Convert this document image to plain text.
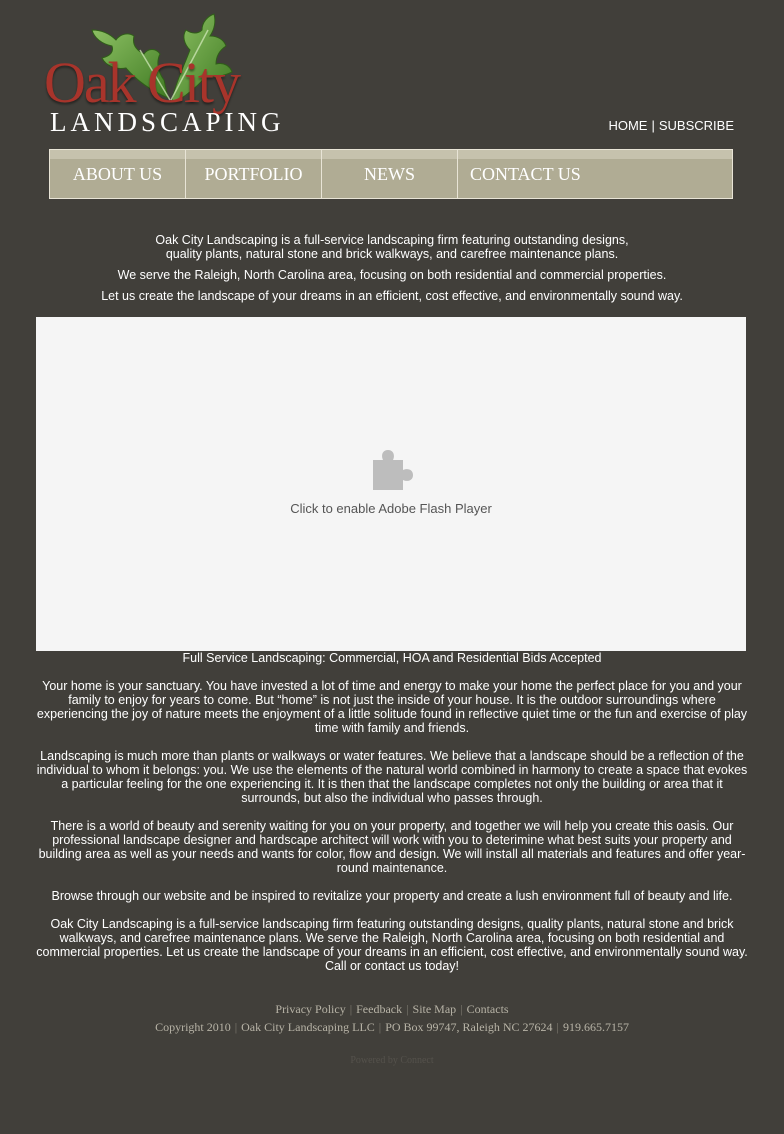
Oak City
LANDSCAPING	HOME | SUBSCRIBE
ABOUT US	PORTFOLIO	NEWS	CONTACT US

Oak City Landscaping is a full-service landscaping firm featuring outstanding designs,
quality plants, natural stone and brick walkways, and carefree maintenance plans.

We serve the Raleigh, North Carolina area, focusing on both residential and commercial properties.

Let us create the landscape of your dreams in an efficient, cost effective, and environmentally sound way.

Click to enable Adobe Flash Player

Full Service Landscaping: Commercial, HOA and Residential Bids Accepted

Your home is your sanctuary. You have invested a lot of time and energy to make your home the perfect place for you and your family to enjoy for years to come. But “home” is not just the inside of your house. It is the outdoor surroundings where experiencing the joy of nature meets the enjoyment of a little solitude found in reflective quiet time or the fun and exercise of play time with family and friends.

Landscaping is much more than plants or walkways or water features. We believe that a landscape should be a reflection of the individual to whom it belongs: you. We use the elements of the natural world combined in harmony to create a space that evokes a particular feeling for the one experiencing it. It is then that the landscape completes not only the building or area that it surrounds, but also the individual who passes through.

There is a world of beauty and serenity waiting for you on your property, and together we will help you create this oasis. Our professional landscape designer and hardscape architect will work with you to deterimine what best suits your property and building area as well as your needs and wants for color, flow and design. We will install all materials and features and offer year-round maintenance.

Browse through our website and be inspired to revitalize your property and create a lush environment full of beauty and life.

Oak City Landscaping is a full-service landscaping firm featuring outstanding designs, quality plants, natural stone and brick walkways, and carefree maintenance plans. We serve the Raleigh, North Carolina area, focusing on both residential and commercial properties. Let us create the landscape of your dreams in an efficient, cost effective, and environmentally sound way. Call or contact us today!

Privacy Policy | Feedback | Site Map | Contacts
Copyright 2010 | Oak City Landscaping LLC | PO Box 99747, Raleigh NC 27624 | 919.665.7157
Powered by Connect
